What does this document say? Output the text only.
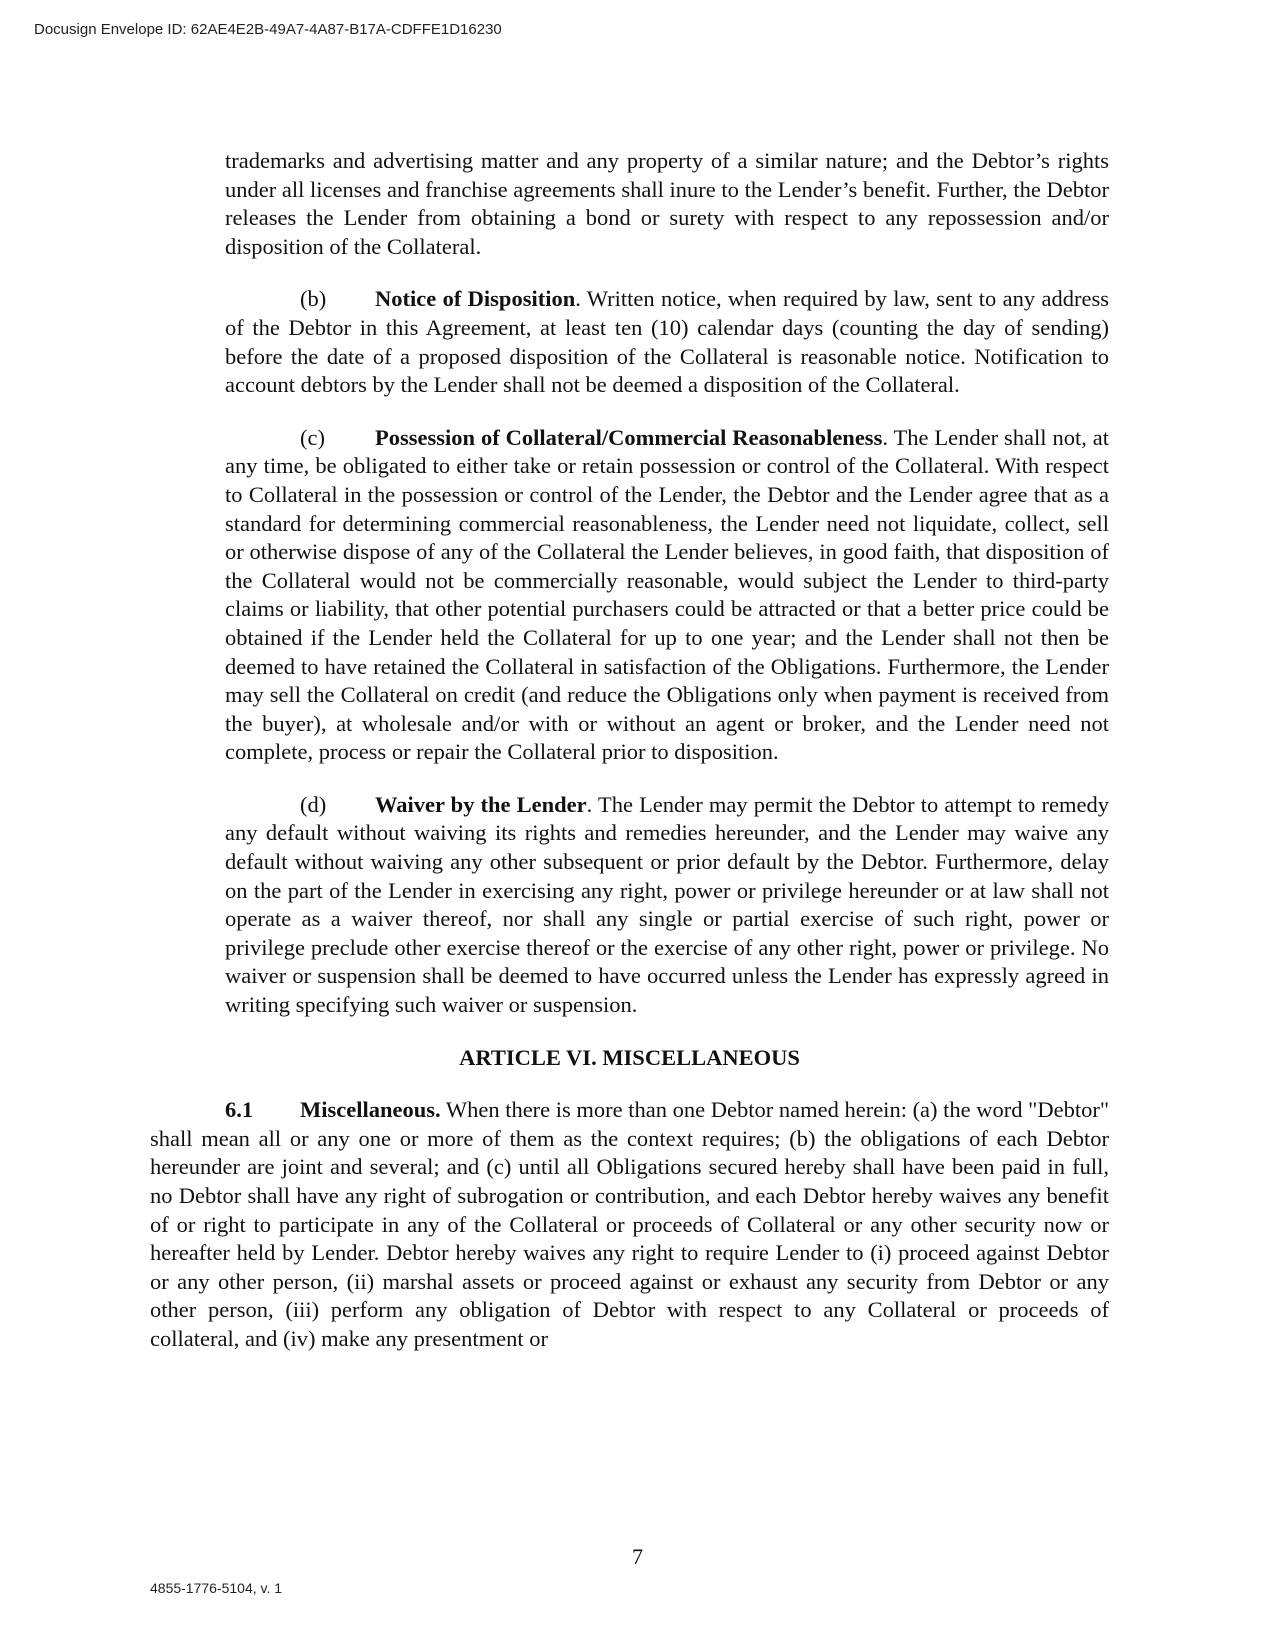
Docusign Envelope ID: 62AE4E2B-49A7-4A87-B17A-CDFFE1D16230

trademarks and advertising matter and any property of a similar nature; and the Debtor’s rights under all licenses and franchise agreements shall inure to the Lender’s benefit. Further, the Debtor releases the Lender from obtaining a bond or surety with respect to any repossession and/or disposition of the Collateral.

(b) Notice of Disposition. Written notice, when required by law, sent to any address of the Debtor in this Agreement, at least ten (10) calendar days (counting the day of sending) before the date of a proposed disposition of the Collateral is reasonable notice. Notification to account debtors by the Lender shall not be deemed a disposition of the Collateral.

(c) Possession of Collateral/Commercial Reasonableness. The Lender shall not, at any time, be obligated to either take or retain possession or control of the Collateral. With respect to Collateral in the possession or control of the Lender, the Debtor and the Lender agree that as a standard for determining commercial reasonableness, the Lender need not liquidate, collect, sell or otherwise dispose of any of the Collateral the Lender believes, in good faith, that disposition of the Collateral would not be commercially reasonable, would subject the Lender to third-party claims or liability, that other potential purchasers could be attracted or that a better price could be obtained if the Lender held the Collateral for up to one year; and the Lender shall not then be deemed to have retained the Collateral in satisfaction of the Obligations. Furthermore, the Lender may sell the Collateral on credit (and reduce the Obligations only when payment is received from the buyer), at wholesale and/or with or without an agent or broker, and the Lender need not complete, process or repair the Collateral prior to disposition.

(d) Waiver by the Lender. The Lender may permit the Debtor to attempt to remedy any default without waiving its rights and remedies hereunder, and the Lender may waive any default without waiving any other subsequent or prior default by the Debtor. Furthermore, delay on the part of the Lender in exercising any right, power or privilege hereunder or at law shall not operate as a waiver thereof, nor shall any single or partial exercise of such right, power or privilege preclude other exercise thereof or the exercise of any other right, power or privilege. No waiver or suspension shall be deemed to have occurred unless the Lender has expressly agreed in writing specifying such waiver or suspension.

ARTICLE VI. MISCELLANEOUS

6.1 Miscellaneous. When there is more than one Debtor named herein: (a) the word "Debtor" shall mean all or any one or more of them as the context requires; (b) the obligations of each Debtor hereunder are joint and several; and (c) until all Obligations secured hereby shall have been paid in full, no Debtor shall have any right of subrogation or contribution, and each Debtor hereby waives any benefit of or right to participate in any of the Collateral or proceeds of Collateral or any other security now or hereafter held by Lender. Debtor hereby waives any right to require Lender to (i) proceed against Debtor or any other person, (ii) marshal assets or proceed against or exhaust any security from Debtor or any other person, (iii) perform any obligation of Debtor with respect to any Collateral or proceeds of collateral, and (iv) make any presentment or

7
4855-1776-5104, v. 1
